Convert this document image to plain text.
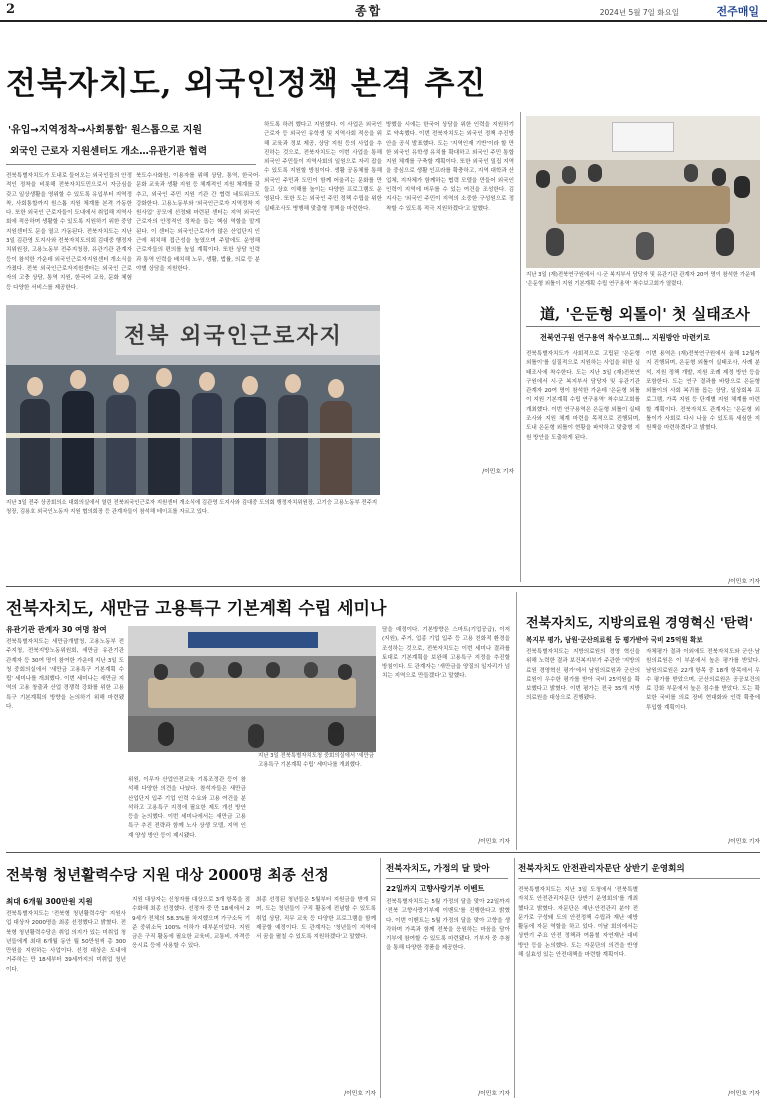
2	종합	2024년 5월 7일 화요일	전주매일
전북자치도, 외국인정책 본격 추진
'유입→지역정착→사회통합' 원스톱으로 지원
외국인 근로자 지원센터도 개소…유관기관 협력
전북특별자치도가 도내로 들어오는 외국인들의 안정적인 정착을 비롯해 전북자치도민으로서 자긍심을 갖고 일상생활을 영위할 수 있도록 유입부터 지역정착, 사회통합까지 원스톱 지원 체계를 본격 가동한다. 또한 외국인 근로자들이 도내에서 취업해 지역사회에 적응하며 생활할 수 있도록 지원하기 위한 중앙지원센터도 문을 열고 가동된다. 전북자치도는 지난 3일 김관영 도지사와 전북자치도의회 김대중 행정자치위원장, 고용노동부 전주지청장, 유관기관 관계자 등이 참석한 가운데 외국인근로자지원센터 개소식을 가졌다. 전북 외국인근로자지원센터는 외국인 근로자의 고충 상담, 통역 지원, 한국어 교육, 문화 체험 등 다양한 서비스를 제공한다.
북도수사화원, 이용자를 위해 상담, 통역, 한국어·문화 교육과 생활 지원 등 체계적인 지원 체계를 갖추고, 외국인 주민 지원 기관 간 협력 네트워크도 강화한다. 고용노동부와 '외국인근로자 지역정착 지원사업' 공모에 선정돼 마련된 센터는 지역 외국인 근로자의 안정적인 정착을 돕는 핵심 역할을 맡게 된다. 이 센터는 외국인근로자가 많은 산업단지 인근에 위치해 접근성을 높였으며 주말에도 운영해 근로자들의 편의를 높일 계획이다. 또한 상담 인력과 통역 인력을 배치해 노무, 생활, 법률, 의료 등 분야별 상담을 지원한다.
하도록 하려 했다고 지원했다. 이 사업은 외국인 근로자 등 외국인 유학생 및 지역사회 적응을 위해 교육과 정보 제공, 상담 지원 등의 사업을 추진하는 것으로, 전북자치도는 이번 사업을 통해 외국인 주민들이 지역사회의 일원으로 자리 잡을 수 있도록 지원할 방침이다. 생활 공동체를 통해 외국인 주민과 도민이 함께 어울리는 문화를 만들고 상호 이해를 높이는 다양한 프로그램도 운영된다. 또한 도는 외국인 주민 정책 수립을 위한 실태조사도 병행해 맞춤형 정책을 마련한다.
방했을 시에는 한국어 상담을 위한 인력을 지원하기로 약속했다. 이번 전북자치도는 외국인 정책 추진방안을 공식 발표했다. 도는 '지역인재 기반'이라 할 만한 외국인 유학생 유치를 확대하고 외국인 주민 통합 지원 체계를 구축할 계획이다. 또한 외국인 밀집 지역을 중심으로 생활 인프라를 확충하고, 지역 대학과 산업체, 지자체가 함께하는 협력 모델을 만들어 외국인 인력이 지역에 머무를 수 있는 여건을 조성한다. 김 지사는 '외국인 주민이 지역의 소중한 구성원으로 정착할 수 있도록 적극 지원하겠다'고 말했다.
전북 외국인근로자지
지난 3일 전주 상공회의소 대회의실에서 열린 전북외국인근로자 지원센터 개소식에 김관영 도지사와 김대중 도의회 행정자치위원장, 고기승 고용노동부 전주지청장, 김용호 외국인노동자 지원 협의회장 등 관계자들이 참석해 테이프를 자르고 있다.
/이민호 기자
지난 3일 (재)전북연구원에서 시·군 복지부서 담당자 및 유관기관 관계자 20여 명이 참석한 가운데 '은둔형 외톨이 지원 기본계획 수립 연구용역' 착수보고회가 열렸다.
道, '은둔형 외톨이' 첫 실태조사
전북연구원 연구용역 착수보고회… 지원방안 마련키로
전북특별자치도가 사회적으로 고립된 '은둔형 외톨이'를 실질적으로 지원하는 사업을 위한 실태조사에 착수한다. 도는 지난 3일 (재)전북연구원에서 시·군 복지부서 담당자 및 유관기관 관계자 20여 명이 참석한 가운데 '은둔형 외톨이 지원 기본계획 수립 연구용역' 착수보고회를 개최했다. 이번 연구용역은 은둔형 외톨이 실태조사와 지원 체계 마련을 목적으로 진행되며, 도내 은둔형 외톨이 현황을 파악하고 맞춤형 지원 방안을 도출하게 된다.
이번 용역은 (재)전북연구원에서 올해 12월까지 진행되며, 은둔형 외톨이 실태조사, 사례 분석, 지원 정책 개발, 지원 조례 제정 방안 등을 포함한다. 도는 연구 결과를 바탕으로 은둔형 외톨이의 사회 복귀를 돕는 상담, 일상회복 프로그램, 가족 지원 등 단계별 지원 체계를 마련할 계획이다. 전북자치도 관계자는 '은둔형 외톨이가 사회로 다시 나올 수 있도록 세심한 지원책을 마련하겠다'고 밝혔다.
/이민호 기자
전북자치도, 새만금 고용특구 기본계획 수립 세미나
유관기관 관계자 30 여명 참여
전북특별자치도는 새만금개발청, 고용노동부 전주지청, 전북지방노동위원회, 새만금 유관기관 관계자 등 30여 명이 참여한 가운데 지난 3일 도청 중회의실에서 '새만금 고용특구 기본계획 수립' 세미나를 개최했다. 이번 세미나는 새만금 지역의 고용 창출과 산업 경쟁력 강화를 위한 고용특구 기본계획의 방향을 논의하기 위해 마련됐다.
지난 3일 전북특별자치도청 중회의실에서 '새만금 고용특구 기본계획 수립' 세미나를 개최했다.
위원, 이무자 산업안전교육 기록조정관 등이 참석해 다양한 의견을 나눴다. 참석자들은 새만금 산업단지 입주 기업 인력 수요와 고용 여건을 분석하고 고용특구 지정에 필요한 제도 개선 방안 등을 논의했다. 이번 세미나에서는 새만금 고용특구 추진 전략과 함께 노사 상생 모델, 지역 인재 양성 방안 등이 제시됐다.
담을 예정이다. 기본방향은 스마트(기업공급), 이저(지원), 주거, 업종 기업 입주 등 고용 친화적 환경을 조성하는 것으로, 전북자치도는 이번 세미나 결과를 토대로 기본계획을 보완해 고용특구 지정을 추진할 방침이다. 도 관계자는 '새만금을 양질의 일자리가 넘치는 지역으로 만들겠다'고 말했다.
/이민호 기자
전북자치도, 지방의료원 경영혁신 '탄력'
복지부 평가, 남원·군산의료원 등 평가받아 국비 25억원 확보
전북특별자치도는 지방의료원의 경영 혁신을 위해 노력한 결과 보건복지부가 주관한 '지방의료원 경영혁신 평가'에서 남원의료원과 군산의료원이 우수한 평가를 받아 국비 25억원을 확보했다고 밝혔다. 이번 평가는 전국 35개 지방의료원을 대상으로 진행됐다.
자체평가 결과 이외에도 전북자치도와 군산·남원의료원은 이 부분에서 높은 평가를 받았다. 남원의료원은 22개 항목 중 18개 항목에서 우수 평가를 받았으며, 군산의료원은 공공보건의료 강화 부문에서 높은 점수를 받았다. 도는 확보한 국비를 의료 장비 현대화와 인력 확충에 투입할 계획이다.
/이민호 기자
전북형 청년활력수당 지원 대상 2000명 최종 선정
최대 6개월 300만원 지원
전북특별자치도는 '전북형 청년활력수당' 지원사업 대상자 2000명을 최종 선정했다고 밝혔다. 전북형 청년활력수당은 취업 의지가 있는 미취업 청년들에게 최대 6개월 동안 월 50만원씩 총 300만원을 지원하는 사업이다. 선정 대상은 도내에 거주하는 만 18세부터 39세까지의 미취업 청년이다.
지원 대상자는 신청자를 대상으로 3개 항목을 점수화해 최종 선정했다. 선정자 중 만 18세에서 29세가 전체의 58.3%를 차지했으며 가구소득 기준 중위소득 100% 이하가 대부분이었다. 지원금은 구직 활동에 필요한 교육비, 교통비, 자격증 응시료 등에 사용할 수 있다.
최종 선정된 청년들은 5월부터 지원금을 받게 되며, 도는 청년들이 구직 활동에 전념할 수 있도록 취업 상담, 직무 교육 등 다양한 프로그램을 함께 제공할 예정이다. 도 관계자는 '청년들이 지역에서 꿈을 펼칠 수 있도록 지원하겠다'고 말했다.
/이민호 기자
전북자치도, 가정의 달 맞아
22일까지 고향사랑기부 이벤트
전북특별자치도는 5월 가정의 달을 맞아 22일까지 '전북 고향사랑기부제 이벤트'를 진행한다고 밝혔다. 이번 이벤트는 5월 가정의 달을 맞아 고향을 생각하며 가족과 함께 전북을 응원하는 마음을 담아 기부에 참여할 수 있도록 마련됐다. 기부자 중 추첨을 통해 다양한 경품을 제공한다.
/이민호 기자
전북자치도 안전관리자문단 상반기 운영회의
전북특별자치도는 지난 3일 도청에서 '전북특별자치도 안전관리자문단 상반기 운영회의'를 개최했다고 밝혔다. 자문단은 재난·안전관리 분야 전문가로 구성돼 도의 안전정책 수립과 재난 예방 활동에 자문 역할을 하고 있다. 이날 회의에서는 상반기 주요 안전 정책과 여름철 자연재난 대비 방안 등을 논의했다. 도는 자문단의 의견을 반영해 실효성 있는 안전대책을 마련할 계획이다.
/이민호 기자
